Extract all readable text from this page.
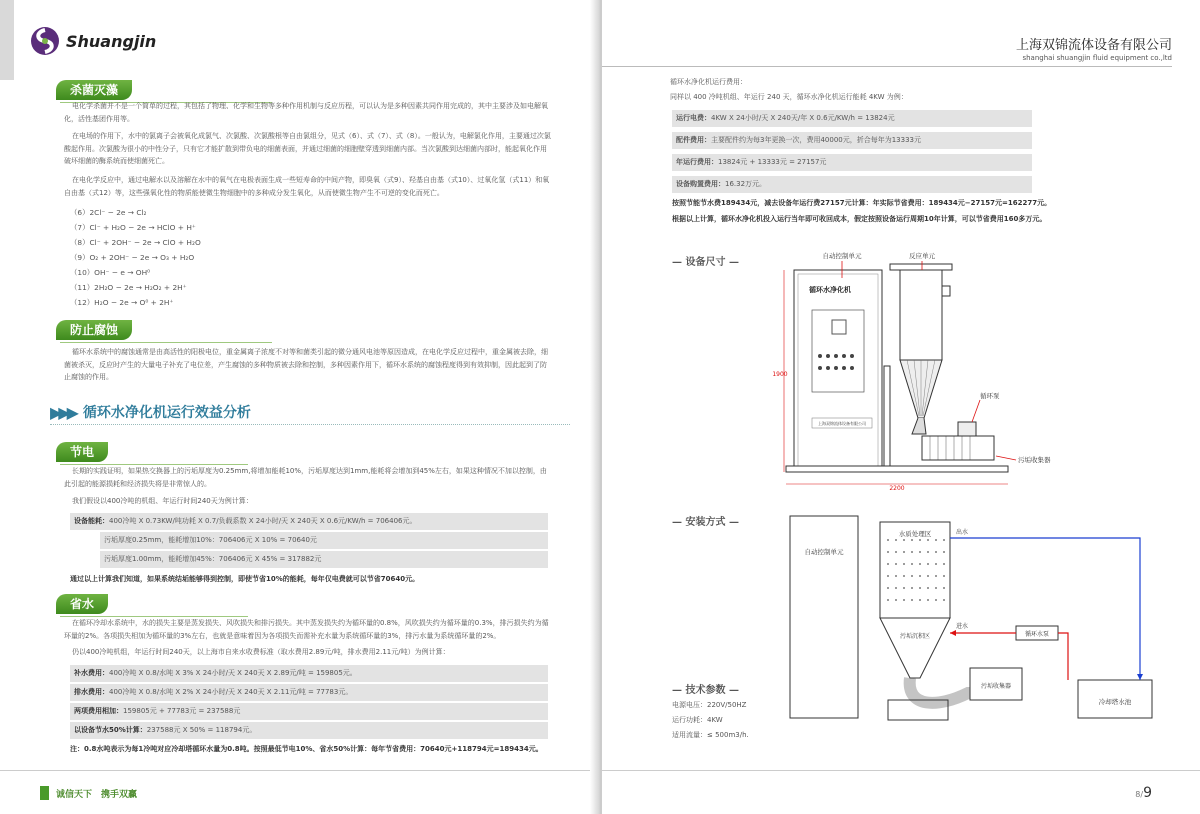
Shuangjin
杀菌灭藻
电化学杀菌并不是一个简单的过程，其包括了物理、化学和生物等多种作用机制与反应历程，可以认为是多种因素共同作用完成的，其中主要涉及如电解氧化，活性基团作用等。
在电场的作用下，水中的氯离子会被氧化成氯气、次氯酸、次氯酸根等自由氯组分，见式（6）、式（7）、式（8）。一般认为，电解氯化作用，主要通过次氯酸起作用。次氯酸为很小的中性分子，只有它才能扩散到带负电的细菌表面，并通过细菌的细胞壁穿透到细菌内部。当次氯酸到达细菌内部时，能起氧化作用破坏细菌的酶系统而使细菌死亡。
在电化学反应中，通过电解水以及溶解在水中的氧气在电极表面生成一些短寿命的中间产物，即臭氧（式9）、羟基自由基（式10）、过氧化氢（式11）和氧自由基（式12）等，这些强氧化性的物质能使微生物细胞中的多种成分发生氧化，从而使微生物产生不可逆的变化而死亡。
（6）2Cl⁻ − 2e → Cl₂
（7）Cl⁻ + H₂O − 2e → HClO + H⁺
（8）Cl⁻ + 2OH⁻ − 2e → ClO + H₂O
（9）O₂ + 2OH⁻ − 2e → O₃ + H₂O
（10）OH⁻ − e → OH⁰
（11）2H₂O − 2e → H₂O₂ + 2H⁺
（12）H₂O − 2e → O⁰ + 2H⁺
防止腐蚀
循环水系统中的腐蚀通常是由高活性的阳极电位，重金属离子浓度不对等和菌类引起的微分通风电池等原因造成，在电化学反应过程中，重金属被去除，细菌被杀灭，反应时产生的大量电子补充了电位差，产生腐蚀的多种物质被去除和控制，多种因素作用下，循环水系统的腐蚀程度得到有效抑制，因此起到了防止腐蚀的作用。
▶▶▶ 循环水净化机运行效益分析
节电
长期的实践证明，如果热交换器上的污垢厚度为0.25mm,将增加能耗10%，污垢厚度达到1mm,能耗将会增加到45%左右，如果这种情况不加以控制，由此引起的能源损耗和经济损失将是非常惊人的。
我们假设以400冷吨的机组、年运行时间240天为例计算：
设备能耗：400冷吨 X 0.73KW/吨功耗 X 0.7/负载系数 X 24小时/天 X 240天 X 0.6元/KW/h = 706406元。
污垢厚度0.25mm，能耗增加10%：706406元 X 10% = 70640元
污垢厚度1.00mm，能耗增加45%：706406元 X 45% = 317882元
通过以上计算我们知道，如果系统结垢能够得到控制，即使节省10%的能耗，每年仅电费就可以节省70640元。
省水
在循环冷却水系统中，水的损失主要是蒸发损失、风吹损失和排污损失。其中蒸发损失约为循环量的0.8%，风吹损失约为循环量的0.3%，排污损失约为循环量的2%。各项损失相加为循环量的3%左右，也就是意味着因为各项损失而需补充水量为系统循环量的3%，排污水量为系统循环量的2%。
仍以400冷吨机组，年运行时间240天，以上海市自来水收费标准（取水费用2.89元/吨，排水费用2.11元/吨）为例计算：
补水费用：400冷吨 X 0.8/水吨 X 3% X 24小时/天 X 240天 X 2.89元/吨 = 159805元。
排水费用：400冷吨 X 0.8/水吨 X 2% X 24小时/天 X 240天 X 2.11元/吨 = 77783元。
两项费用相加：159805元 + 77783元 = 237588元
以设备节水50%计算：237588元 X 50% = 118794元。
注：0.8水吨表示为每1冷吨对应冷却塔循环水量为0.8吨。按照最低节电10%、省水50%计算：每年节省费用：70640元+118794元=189434元。
诚信天下　携手双赢
上海双锦流体设备有限公司
shanghai shuangjin fluid equipment co.,ltd
循环水净化机运行费用：
同样以 400 冷吨机组、年运行 240 天，循环水净化机运行能耗 4KW 为例：
运行电费：4KW X 24小时/天 X 240天/年 X 0.6元/KW/h = 13824元
配件费用：主要配件约为每3年更换一次，费用40000元，折合每年为13333元
年运行费用：13824元 + 13333元 = 27157元
设备购置费用：16.32万元。
按照节能节水费189434元，减去设备年运行费27157元计算：年实际节省费用：189434元−27157元=162277元。
根据以上计算，循环水净化机投入运行当年即可收回成本，假定按照设备运行周期10年计算，可以节省费用160多万元。
— 设备尺寸 —
上海双锦流体设备有限公司
循环水净化机
自动控制单元	反应单元
循环泵
污垢收集器
1900
2200
— 安装方式 —
自动控制单元
水质处理区
污垢沉积区
污垢收集器
冷却塔水池
循环水泵
出水
进水
— 技术参数 —
电源电压：220V/50HZ
运行功耗：4KW
适用流量：≤ 500m3/h.
8/9
